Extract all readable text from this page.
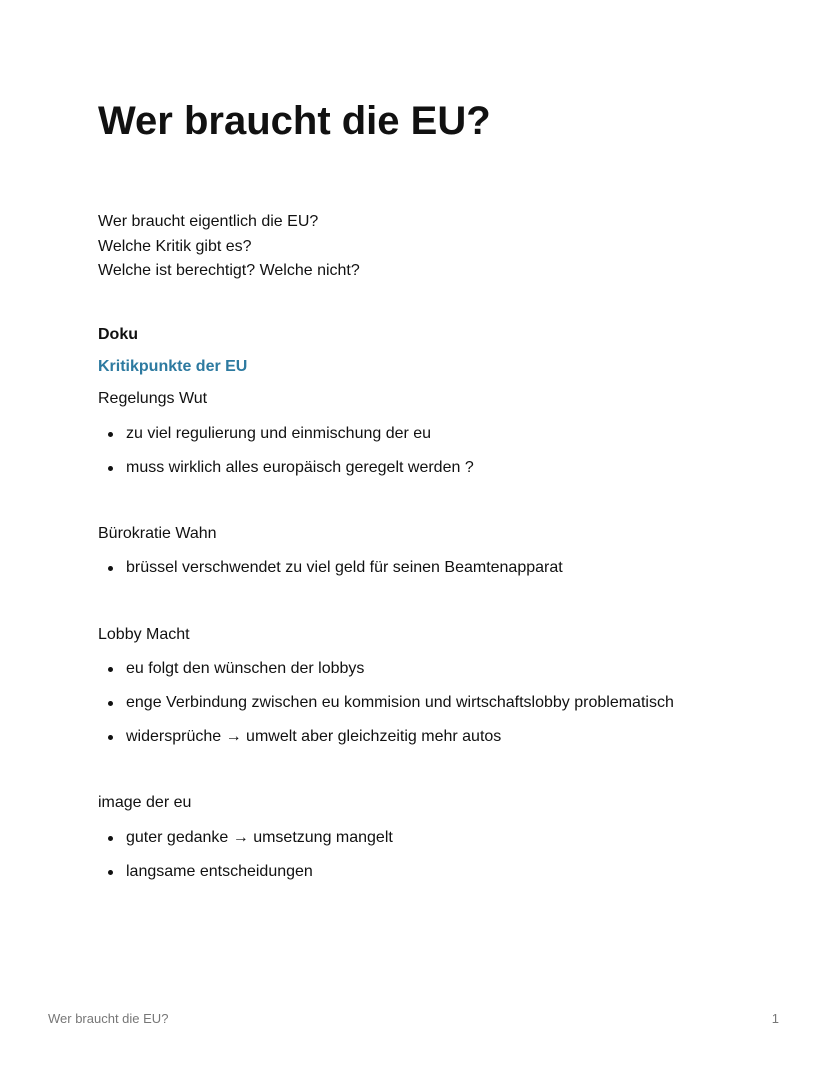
Wer braucht die EU?

Wer braucht eigentlich die EU?
Welche Kritik gibt es?
Welche ist berechtigt? Welche nicht?

Doku
Kritikpunkte der EU
Regelungs Wut
zu viel regulierung und einmischung der eu
muss wirklich alles europäisch geregelt werden ?
Bürokratie Wahn
brüssel verschwendet zu viel geld für seinen Beamtenapparat
Lobby Macht
eu folgt den wünschen der lobbys
enge Verbindung zwischen eu kommision und wirtschaftslobby problematisch
widersprüche → umwelt aber gleichzeitig mehr autos
image der eu
guter gedanke → umsetzung mangelt
langsame entscheidungen
Wer braucht die EU?	1
